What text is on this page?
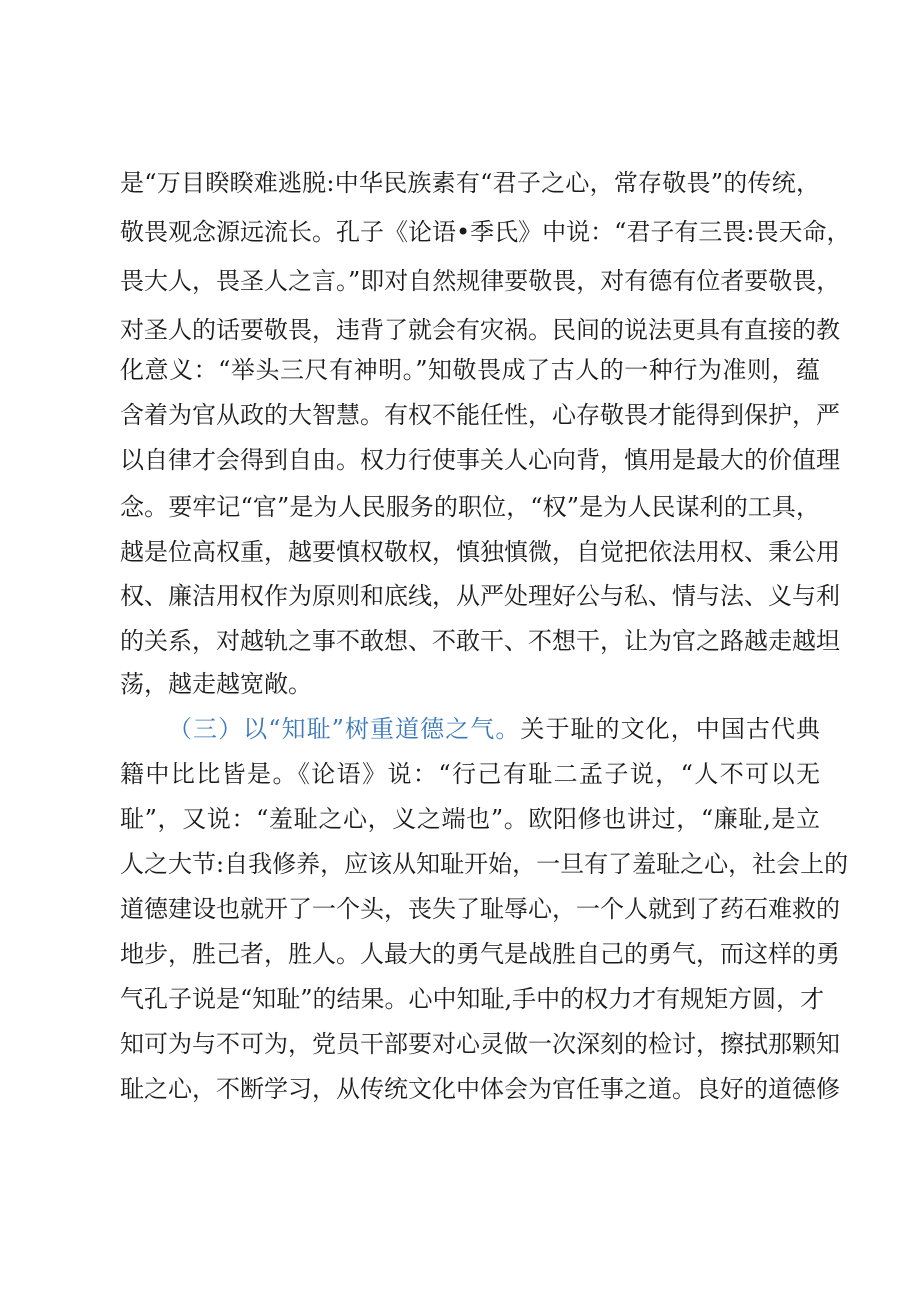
是“万目睽睽难逃脱:中华民族素有“君子之心，常存敬畏”的传统，
敬畏观念源远流长。孔子《论语•季氏》中说：“君子有三畏:畏天命，
畏大人，畏圣人之言。”即对自然规律要敬畏，对有德有位者要敬畏，
对圣人的话要敬畏，违背了就会有灾祸。民间的说法更具有直接的教
化意义：“举头三尺有神明。”知敬畏成了古人的一种行为准则，蕴
含着为官从政的大智慧。有权不能任性，心存敬畏才能得到保护，严
以自律才会得到自由。权力行使事关人心向背，慎用是最大的价值理
念。要牢记“官”是为人民服务的职位，“权”是为人民谋利的工具，
越是位高权重，越要慎权敬权，慎独慎微，自觉把依法用权、秉公用
权、廉洁用权作为原则和底线，从严处理好公与私、情与法、义与利
的关系，对越轨之事不敢想、不敢干、不想干，让为官之路越走越坦
荡，越走越宽敞。
（三）以“知耻”树重道德之气。关于耻的文化，中国古代典
籍中比比皆是。《论语》说：“行己有耻二孟子说，“人不可以无
耻”，又说：“羞耻之心，义之端也”。欧阳修也讲过，“廉耻,是立
人之大节:自我修养，应该从知耻开始，一旦有了羞耻之心，社会上的
道德建设也就开了一个头，丧失了耻辱心，一个人就到了药石难救的
地步，胜己者，胜人。人最大的勇气是战胜自己的勇气，而这样的勇
气孔子说是“知耻”的结果。心中知耻,手中的权力才有规矩方圆，才
知可为与不可为，党员干部要对心灵做一次深刻的检讨，擦拭那颗知
耻之心，不断学习，从传统文化中体会为官任事之道。良好的道德修
